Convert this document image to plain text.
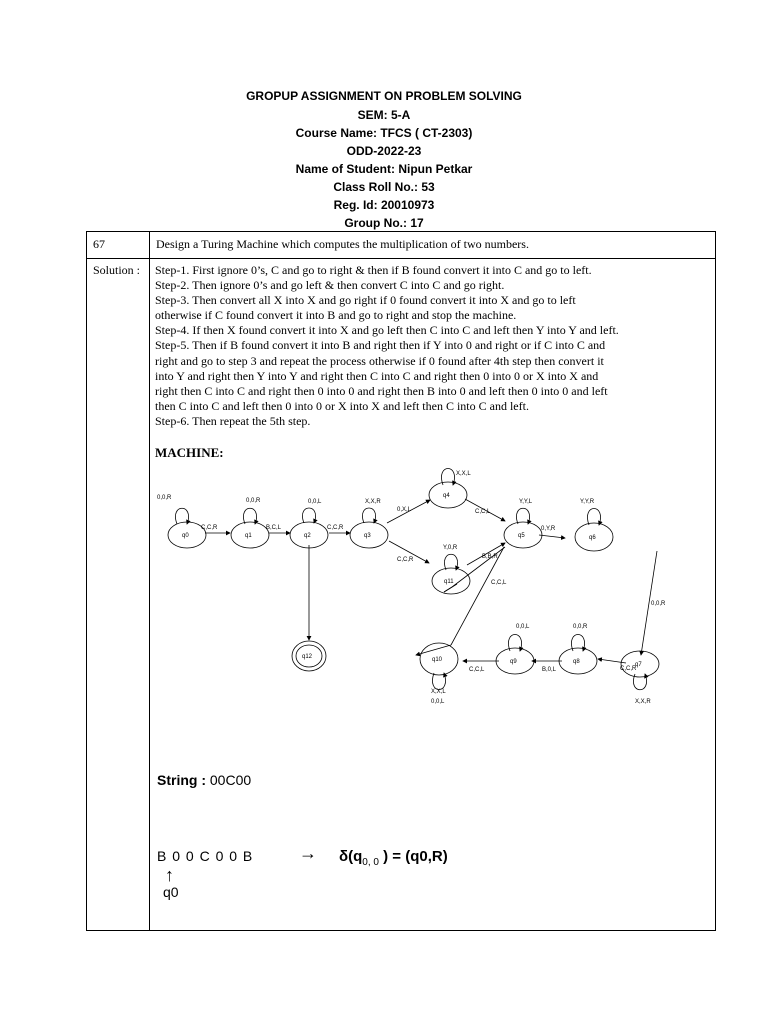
GROPUP ASSIGNMENT ON PROBLEM SOLVING
SEM: 5-A
Course Name: TFCS ( CT-2303)
ODD-2022-23
Name of Student: Nipun Petkar
Class Roll No.: 53
Reg. Id: 20010973
Group No.: 17
67	Design a Turing Machine which computes the multiplication of two numbers.
Solution :	Step-1. First ignore 0’s, C and go to right & then if B found convert it into C and go to left.
Step-2. Then ignore 0’s and go left & then convert C into C and go right.
Step-3. Then convert all X into X and go right if 0 found convert it into X and go to left
otherwise if C found convert it into B and go to right and stop the machine.
Step-4. If then X found convert it into X and go left then C into C and left then Y into Y and left.
Step-5. Then if B found convert it into B and right then if Y into 0 and right or if C into C and
right and go to step 3 and repeat the process otherwise if 0 found after 4th step then convert it
into Y and right then Y into Y and right then C into C and right then 0 into 0 or X into X and
right then C into C and right then 0 into 0 and right then B into 0 and left then 0 into 0 and left
then C into C and left then 0 into 0 or X into X and left then C into C and left.
Step-6. Then repeat the 5th step.
MACHINE:
q0	q1	q2	q3
q4
q5	q6
q7
q8
q9
q10
q11
q12
0,0,R
C,C,R
0,0,R
B,C,L
0,0,L
C,C,R
X,X,R
0,X,L
X,X,L
C,C,L
Y,Y,L
0,Y,R
Y,Y,R
Y,0,R
C,C,R	B,B,R
C,C,L
0,0,R
C,C,R
X,X,R
0,0,R
B,0,L
0,0,L
C,C,L
X,X,L
0,0,L
String : 00C00
B 0 0 C 0 0 B	→ $\delta(q_{0, 0}$ ) = (q0,R)
↑
q0
